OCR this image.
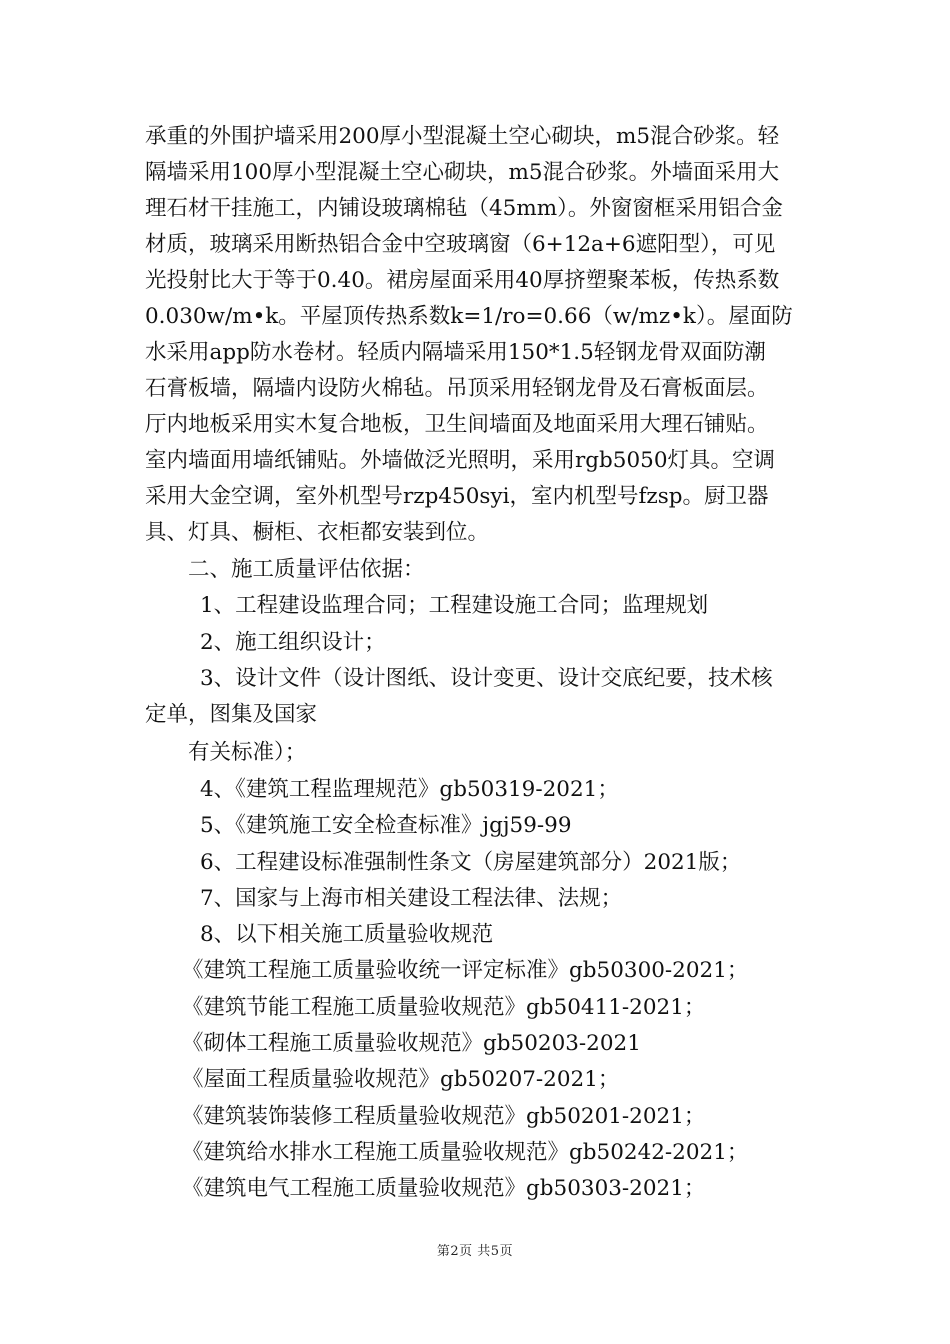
承重的外围护墙采用200厚小型混凝土空心砌块，m5混合砂浆。轻
隔墙采用100厚小型混凝土空心砌块，m5混合砂浆。外墙面采用大
理石材干挂施工，内铺设玻璃棉毡（45mm）。外窗窗框采用铝合金
材质，玻璃采用断热铝合金中空玻璃窗（6+12a+6遮阳型），可见
光投射比大于等于0.40。裙房屋面采用40厚挤塑聚苯板，传热系数
0.030w/m•k。平屋顶传热系数k=1/ro=0.66（w/mz•k）。屋面防
水采用app防水卷材。轻质内隔墙采用150*1.5轻钢龙骨双面防潮
石膏板墙，隔墙内设防火棉毡。吊顶采用轻钢龙骨及石膏板面层。
厅内地板采用实木复合地板，卫生间墙面及地面采用大理石铺贴。
室内墙面用墙纸铺贴。外墙做泛光照明，采用rgb5050灯具。空调
采用大金空调，室外机型号rzp450syi，室内机型号fzsp。厨卫器
具、灯具、橱柜、衣柜都安装到位。
二、施工质量评估依据：
1、工程建设监理合同；工程建设施工合同；监理规划
2、施工组织设计；
3、设计文件（设计图纸、设计变更、设计交底纪要，技术核
定单，图集及国家
有关标准）；
4、《建筑工程监理规范》gb50319-2021；
5、《建筑施工安全检查标准》jgj59-99
6、工程建设标准强制性条文（房屋建筑部分）2021版；
7、国家与上海市相关建设工程法律、法规；
8、以下相关施工质量验收规范
《建筑工程施工质量验收统一评定标准》gb50300-2021；
《建筑节能工程施工质量验收规范》gb50411-2021；
《砌体工程施工质量验收规范》gb50203-2021
《屋面工程质量验收规范》gb50207-2021；
《建筑装饰装修工程质量验收规范》gb50201-2021；
《建筑给水排水工程施工质量验收规范》gb50242-2021；
《建筑电气工程施工质量验收规范》gb50303-2021；
第2页 共5页
